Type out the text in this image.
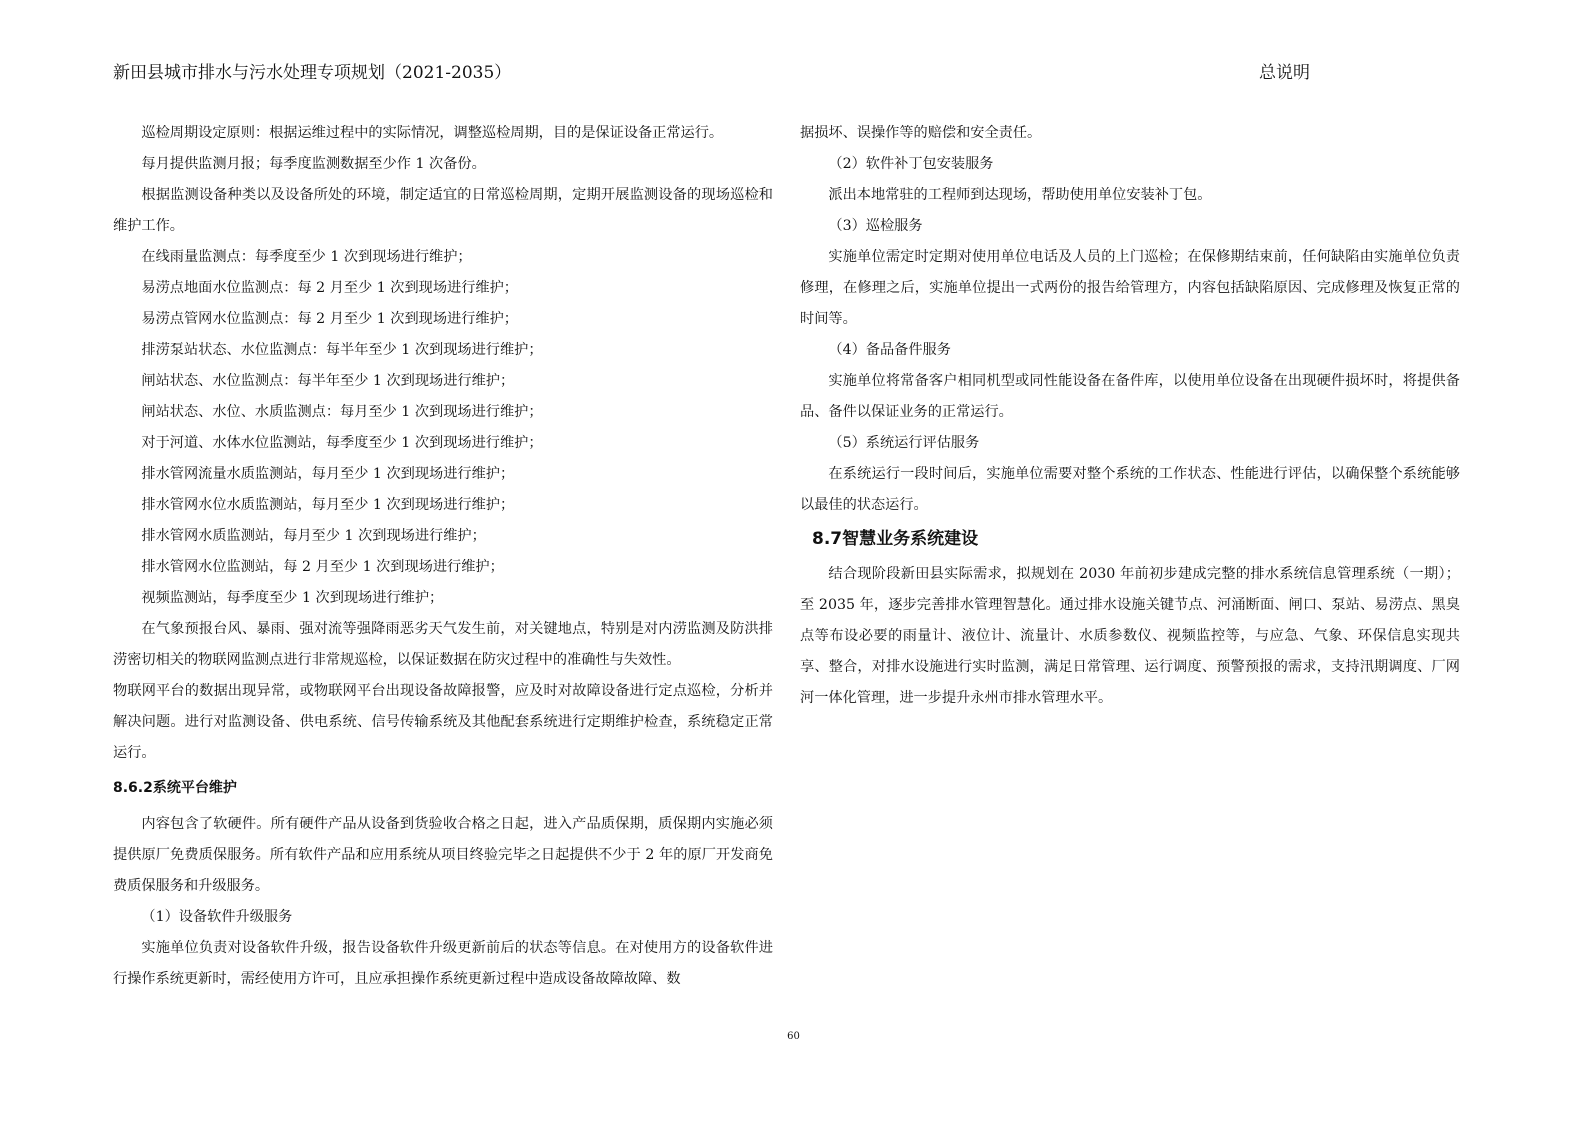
新田县城市排水与污水处理专项规划（2021-2035）	总说明

巡检周期设定原则：根据运维过程中的实际情况，调整巡检周期，目的是保证设备正常运行。

每月提供监测月报；每季度监测数据至少作 1 次备份。

根据监测设备种类以及设备所处的环境，制定适宜的日常巡检周期，定期开展监测设备的现场巡检和维护工作。

在线雨量监测点：每季度至少 1 次到现场进行维护；

易涝点地面水位监测点：每 2 月至少 1 次到现场进行维护；

易涝点管网水位监测点：每 2 月至少 1 次到现场进行维护；

排涝泵站状态、水位监测点：每半年至少 1 次到现场进行维护；

闸站状态、水位监测点：每半年至少 1 次到现场进行维护；

闸站状态、水位、水质监测点：每月至少 1 次到现场进行维护；

对于河道、水体水位监测站，每季度至少 1 次到现场进行维护；

排水管网流量水质监测站，每月至少 1 次到现场进行维护；

排水管网水位水质监测站，每月至少 1 次到现场进行维护；

排水管网水质监测站，每月至少 1 次到现场进行维护；

排水管网水位监测站，每 2 月至少 1 次到现场进行维护；

视频监测站，每季度至少 1 次到现场进行维护；

在气象预报台风、暴雨、强对流等强降雨恶劣天气发生前，对关键地点，特别是对内涝监测及防洪排涝密切相关的物联网监测点进行非常规巡检，以保证数据在防灾过程中的准确性与失效性。

物联网平台的数据出现异常，或物联网平台出现设备故障报警，应及时对故障设备进行定点巡检，分析并解决问题。进行对监测设备、供电系统、信号传输系统及其他配套系统进行定期维护检查，系统稳定正常运行。

8.6.2系统平台维护

内容包含了软硬件。所有硬件产品从设备到货验收合格之日起，进入产品质保期，质保期内实施必须提供原厂免费质保服务。所有软件产品和应用系统从项目终验完毕之日起提供不少于 2 年的原厂开发商免费质保服务和升级服务。

（1）设备软件升级服务

实施单位负责对设备软件升级，报告设备软件升级更新前后的状态等信息。在对使用方的设备软件进行操作系统更新时，需经使用方许可，且应承担操作系统更新过程中造成设备故障故障、数

据损坏、误操作等的赔偿和安全责任。

（2）软件补丁包安装服务

派出本地常驻的工程师到达现场，帮助使用单位安装补丁包。

（3）巡检服务

实施单位需定时定期对使用单位电话及人员的上门巡检；在保修期结束前，任何缺陷由实施单位负责修理，在修理之后，实施单位提出一式两份的报告给管理方，内容包括缺陷原因、完成修理及恢复正常的时间等。

（4）备品备件服务

实施单位将常备客户相同机型或同性能设备在备件库，以使用单位设备在出现硬件损坏时，将提供备品、备件以保证业务的正常运行。

（5）系统运行评估服务

在系统运行一段时间后，实施单位需要对整个系统的工作状态、性能进行评估，以确保整个系统能够以最佳的状态运行。

8.7智慧业务系统建设

结合现阶段新田县实际需求，拟规划在 2030 年前初步建成完整的排水系统信息管理系统（一期）；至 2035 年，逐步完善排水管理智慧化。通过排水设施关键节点、河涌断面、闸口、泵站、易涝点、黑臭点等布设必要的雨量计、液位计、流量计、水质参数仪、视频监控等，与应急、气象、环保信息实现共享、整合，对排水设施进行实时监测，满足日常管理、运行调度、预警预报的需求，支持汛期调度、厂网河一体化管理，进一步提升永州市排水管理水平。

60
